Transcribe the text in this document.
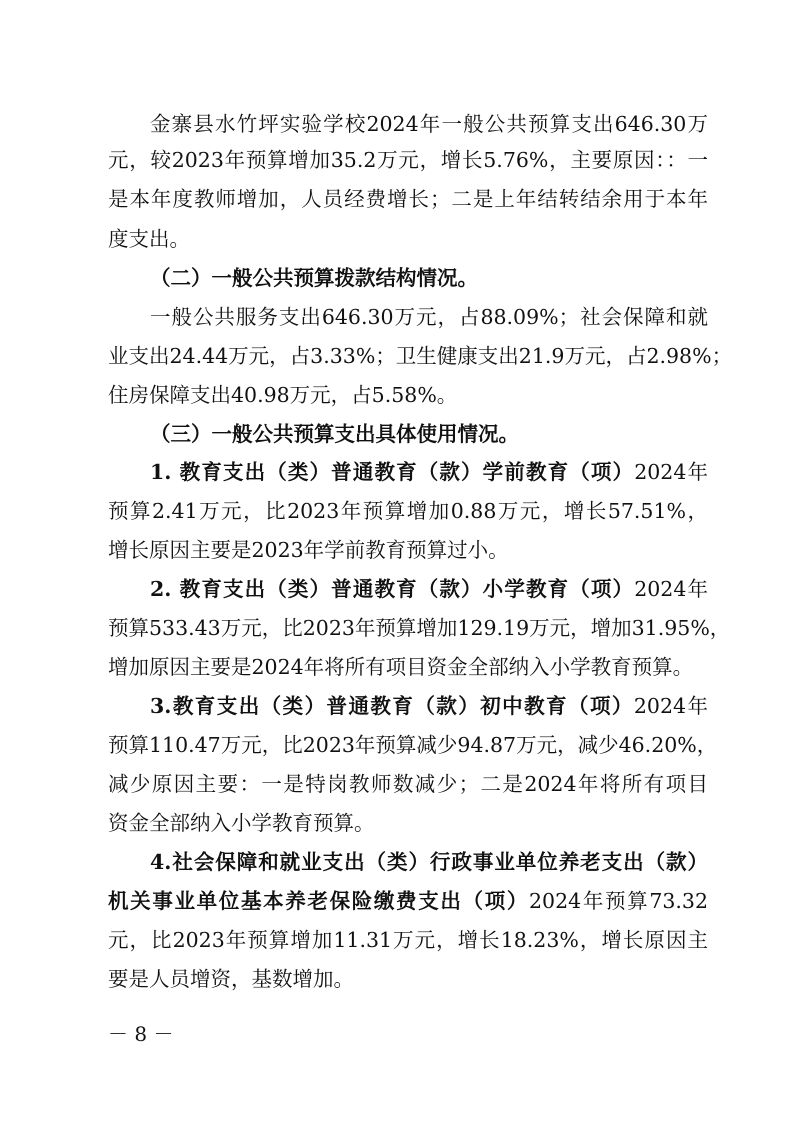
金寨县水竹坪实验学校2024年一般公共预算支出646.30万
元，较2023年预算增加35.2万元，增长5.76%，主要原因：：一
是本年度教师增加，人员经费增长；二是上年结转结余用于本年
度支出。
（二）一般公共预算拨款结构情况。
一般公共服务支出646.30万元，占88.09%；社会保障和就
业支出24.44万元，占3.33%；卫生健康支出21.9万元，占2.98%；
住房保障支出40.98万元，占5.58%。
（三）一般公共预算支出具体使用情况。
1. 教育支出（类）普通教育（款）学前教育（项）2024年
预算2.41万元，比2023年预算增加0.88万元，增长57.51%，
增长原因主要是2023年学前教育预算过小。
2. 教育支出（类）普通教育（款）小学教育（项）2024年
预算533.43万元，比2023年预算增加129.19万元，增加31.95%，
增加原因主要是2024年将所有项目资金全部纳入小学教育预算。
3.教育支出（类）普通教育（款）初中教育（项）2024年
预算110.47万元，比2023年预算减少94.87万元，减少46.20%，
减少原因主要：一是特岗教师数减少；二是2024年将所有项目
资金全部纳入小学教育预算。
4.社会保障和就业支出（类）行政事业单位养老支出（款）
机关事业单位基本养老保险缴费支出（项）2024年预算73.32
元，比2023年预算增加11.31万元，增长18.23%，增长原因主
要是人员增资，基数增加。
－ 8 －
